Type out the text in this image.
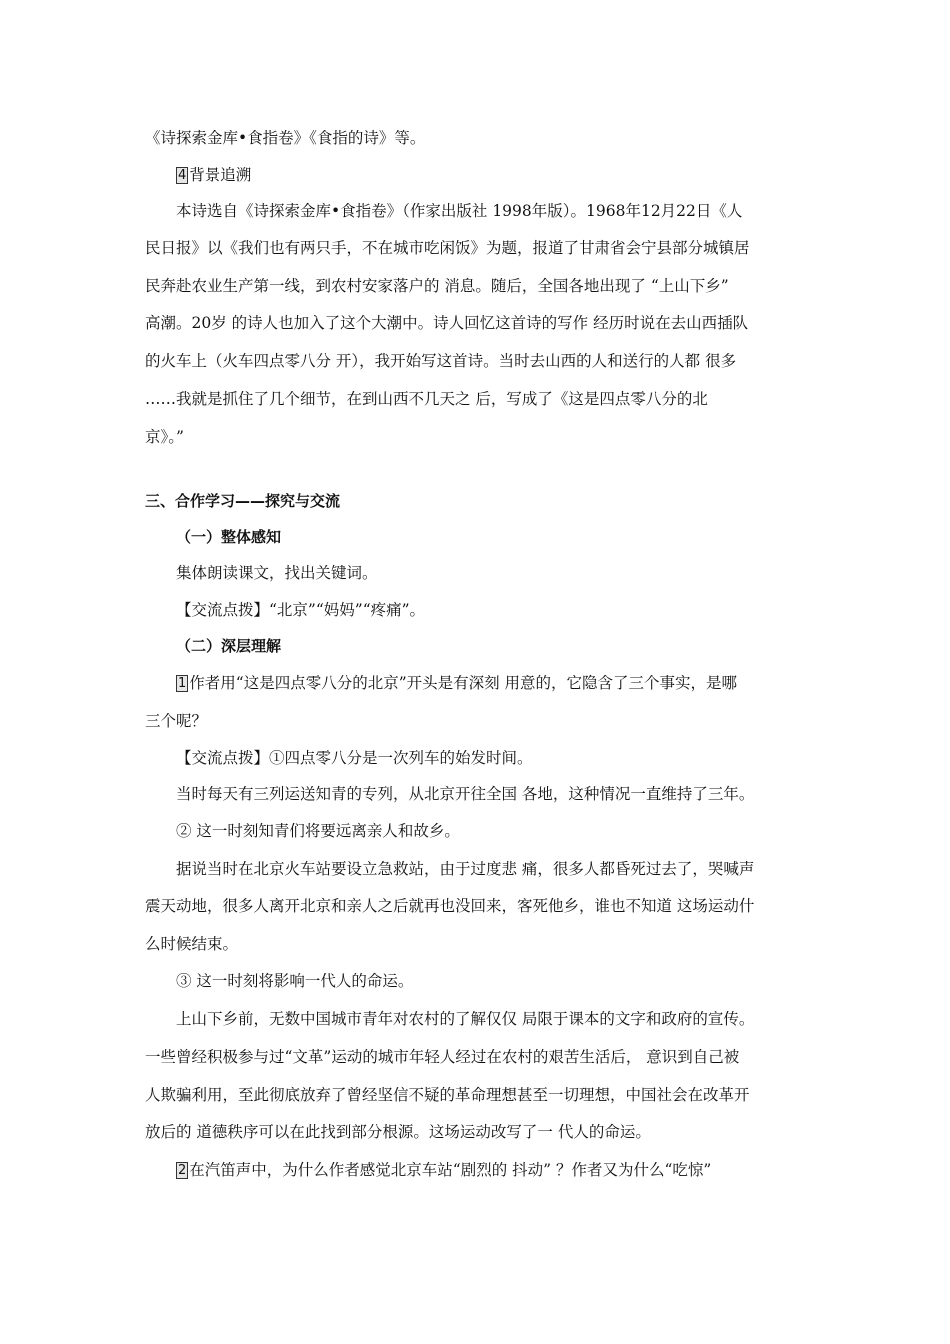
《诗探索金库•食指卷》《食指的诗》等。
4 背景追溯
本诗选自《诗探索金库•食指卷》（作家出版社 1998年版）。1968年12月22日《人
民日报》以《我们也有两只手，不在城市吃闲饭》为题，报道了甘肃省会宁县部分城镇居
民奔赴农业生产第一线，到农村安家落户的 消息。随后，全国各地出现了 “上山下乡”
高潮。20岁 的诗人也加入了这个大潮中。诗人回忆这首诗的写作 经历时说在去山西插队
的火车上（火车四点零八分 开），我开始写这首诗。当时去山西的人和送行的人都 很多
……我就是抓住了几个细节，在到山西不几天之 后，写成了《这是四点零八分的北
京》。”
三、合作学习——探究与交流
（一）整体感知
集体朗读课文，找出关键词。
【交流点拨】“北京”“妈妈”“疼痛”。
（二）深层理解
1 作者用“这是四点零八分的北京”开头是有深刻 用意的，它隐含了三个事实，是哪
三个呢？
【交流点拨】①四点零八分是一次列车的始发时间。
当时每天有三列运送知青的专列，从北京开往全国 各地，这种情况一直维持了三年。
② 这一时刻知青们将要远离亲人和故乡。
据说当时在北京火车站要设立急救站，由于过度悲 痛，很多人都昏死过去了，哭喊声
震天动地，很多人离开北京和亲人之后就再也没回来，客死他乡，谁也不知道 这场运动什
么时候结束。
③ 这一时刻将影响一代人的命运。
上山下乡前，无数中国城市青年对农村的了解仅仅 局限于课本的文字和政府的宣传。
一些曾经积极参与过“文革”运动的城市年轻人经过在农村的艰苦生活后， 意识到自己被
人欺骗利用，至此彻底放弃了曾经坚信不疑的革命理想甚至一切理想，中国社会在改革开
放后的 道德秩序可以在此找到部分根源。这场运动改写了一 代人的命运。
2 在汽笛声中，为什么作者感觉北京车站“剧烈的 抖动” ？作者又为什么“吃惊”
